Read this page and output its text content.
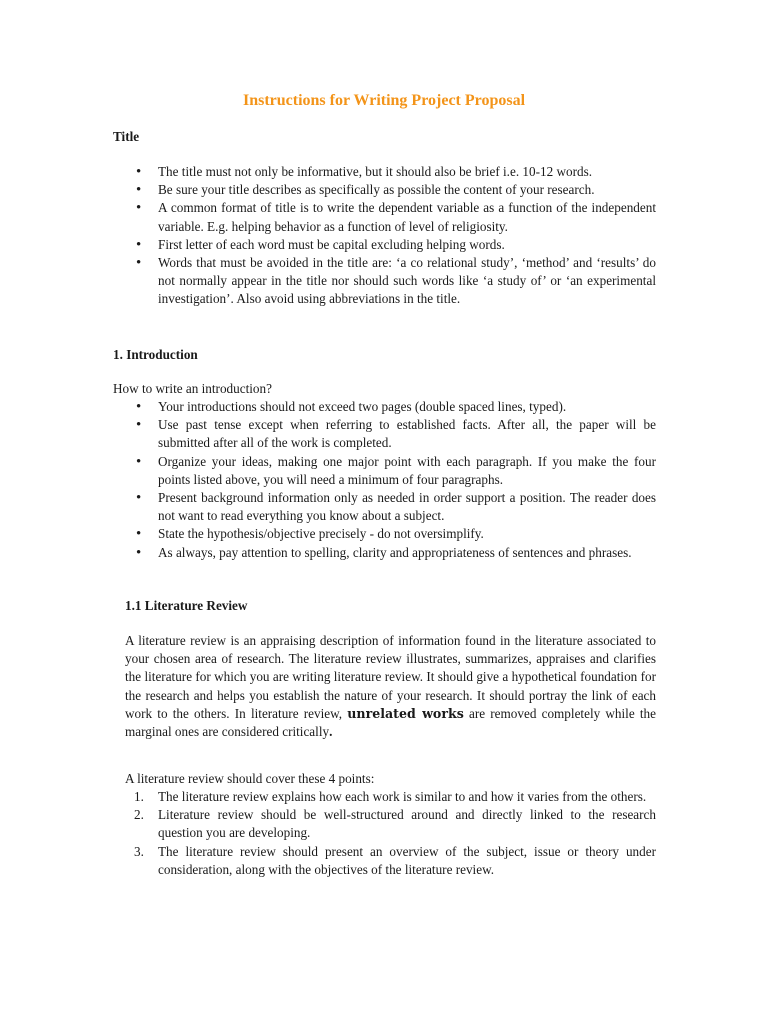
Instructions for Writing Project Proposal

Title

• The title must not only be informative, but it should also be brief i.e. 10-12 words.
• Be sure your title describes as specifically as possible the content of your research.
• A common format of title is to write the dependent variable as a function of the independent variable. E.g. helping behavior as a function of level of religiosity.
• First letter of each word must be capital excluding helping words.
• Words that must be avoided in the title are: ‘a co relational study’, ‘method’ and ‘results’ do not normally appear in the title nor should such words like ‘a study of’ or ‘an experimental investigation’. Also avoid using abbreviations in the title.

1. Introduction

How to write an introduction?

• Your introductions should not exceed two pages (double spaced lines, typed).
• Use past tense except when referring to established facts. After all, the paper will be submitted after all of the work is completed.
• Organize your ideas, making one major point with each paragraph. If you make the four points listed above, you will need a minimum of four paragraphs.
• Present background information only as needed in order support a position. The reader does not want to read everything you know about a subject.
• State the hypothesis/objective precisely - do not oversimplify.
• As always, pay attention to spelling, clarity and appropriateness of sentences and phrases.

1.1 Literature Review

A literature review is an appraising description of information found in the literature associated to your chosen area of research. The literature review illustrates, summarizes, appraises and clarifies the literature for which you are writing literature review. It should give a hypothetical foundation for the research and helps you establish the nature of your research. It should portray the link of each work to the others. In literature review, unrelated works are removed completely while the marginal ones are considered critically.

A literature review should cover these 4 points:

1. The literature review explains how each work is similar to and how it varies from the others.
2. Literature review should be well-structured around and directly linked to the research question you are developing.
3. The literature review should present an overview of the subject, issue or theory under consideration, along with the objectives of the literature review.
